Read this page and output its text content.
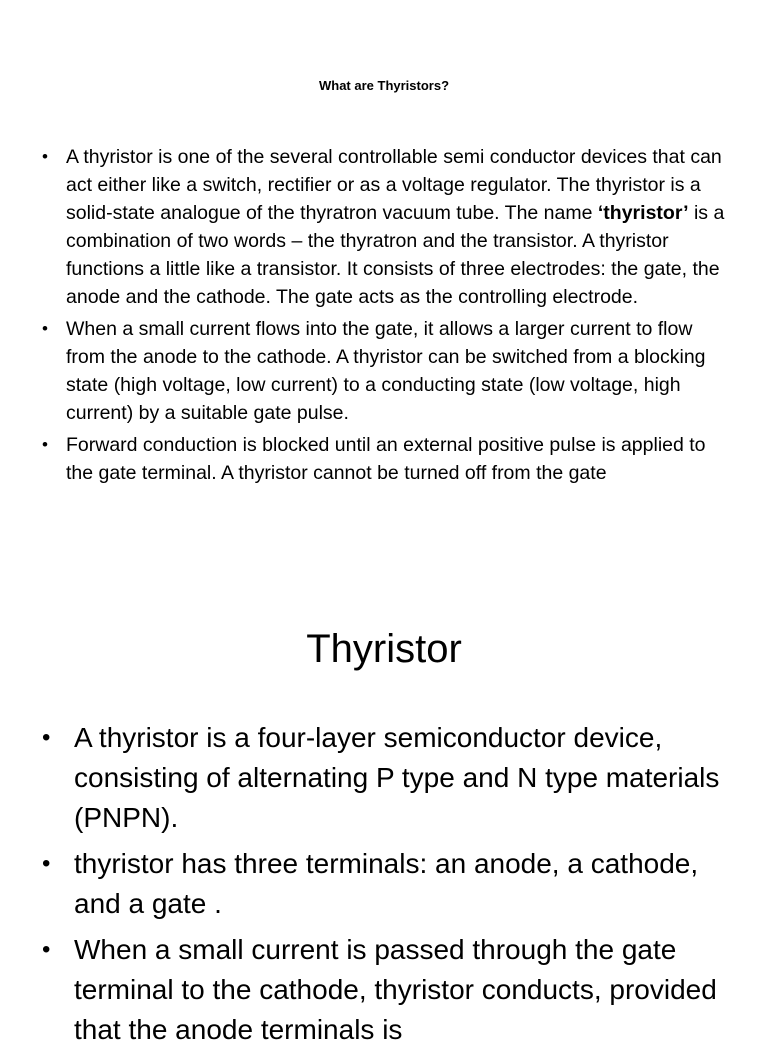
What are Thyristors?
• A thyristor is one of the several controllable semi conductor devices that can act either like a switch, rectifier or as a voltage regulator. The thyristor is a solid-state analogue of the thyratron vacuum tube. The name ‘thyristor’ is a combination of two words – the thyratron and the transistor. A thyristor functions a little like a transistor. It consists of three electrodes: the gate, the anode and the cathode. The gate acts as the controlling electrode.
• When a small current flows into the gate, it allows a larger current to flow from the anode to the cathode. A thyristor can be switched from a blocking state (high voltage, low current) to a conducting state (low voltage, high current) by a suitable gate pulse.
• Forward conduction is blocked until an external positive pulse is applied to the gate terminal. A thyristor cannot be turned off from the gate
Thyristor
• A thyristor is a four-layer semiconductor device, consisting of alternating P type and N type materials (PNPN).
• thyristor has three terminals: an anode, a cathode, and a gate .
• When a small current is passed through the gate terminal to the cathode, thyristor conducts, provided that the anode terminals is
